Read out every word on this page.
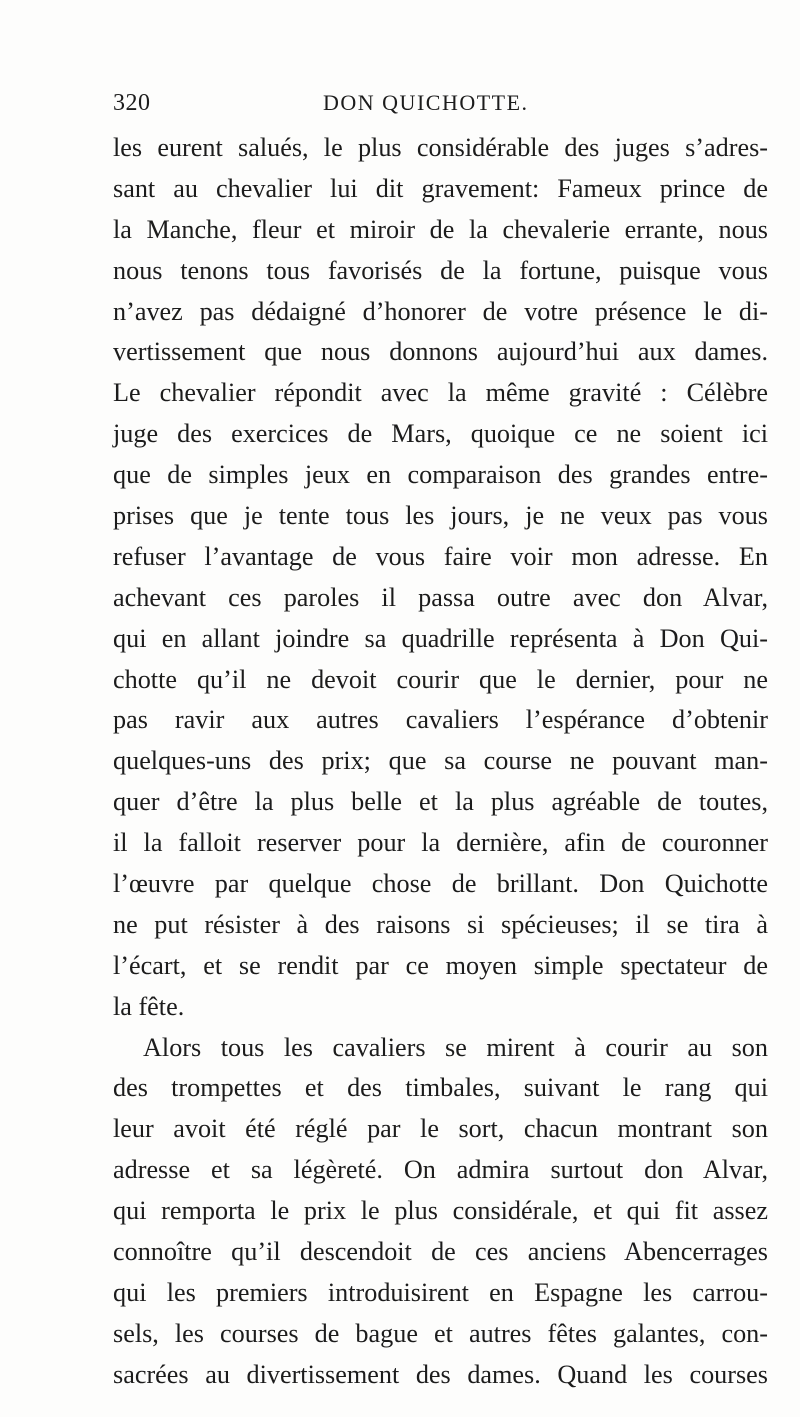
320	DON QUICHOTTE.
les eurent salués, le plus considérable des juges s’adres-
sant au chevalier lui dit gravement: Fameux prince de
la Manche, fleur et miroir de la chevalerie errante, nous
nous tenons tous favorisés de la fortune, puisque vous
n’avez pas dédaigné d’honorer de votre présence le di-
vertissement que nous donnons aujourd’hui aux dames.
Le chevalier répondit avec la même gravité : Célèbre
juge des exercices de Mars, quoique ce ne soient ici
que de simples jeux en comparaison des grandes entre-
prises que je tente tous les jours, je ne veux pas vous
refuser l’avantage de vous faire voir mon adresse. En
achevant ces paroles il passa outre avec don Alvar,
qui en allant joindre sa quadrille représenta à Don Qui-
chotte qu’il ne devoit courir que le dernier, pour ne
pas ravir aux autres cavaliers l’espérance d’obtenir
quelques-uns des prix; que sa course ne pouvant man-
quer d’être la plus belle et la plus agréable de toutes,
il la falloit reserver pour la dernière, afin de couronner
l’œuvre par quelque chose de brillant. Don Quichotte
ne put résister à des raisons si spécieuses; il se tira à
l’écart, et se rendit par ce moyen simple spectateur de
la fête.
Alors tous les cavaliers se mirent à courir au son
des trompettes et des timbales, suivant le rang qui
leur avoit été réglé par le sort, chacun montrant son
adresse et sa légèreté. On admira surtout don Alvar,
qui remporta le prix le plus considérale, et qui fit assez
connoître qu’il descendoit de ces anciens Abencerrages
qui les premiers introduisirent en Espagne les carrou-
sels, les courses de bague et autres fêtes galantes, con-
sacrées au divertissement des dames. Quand les courses
